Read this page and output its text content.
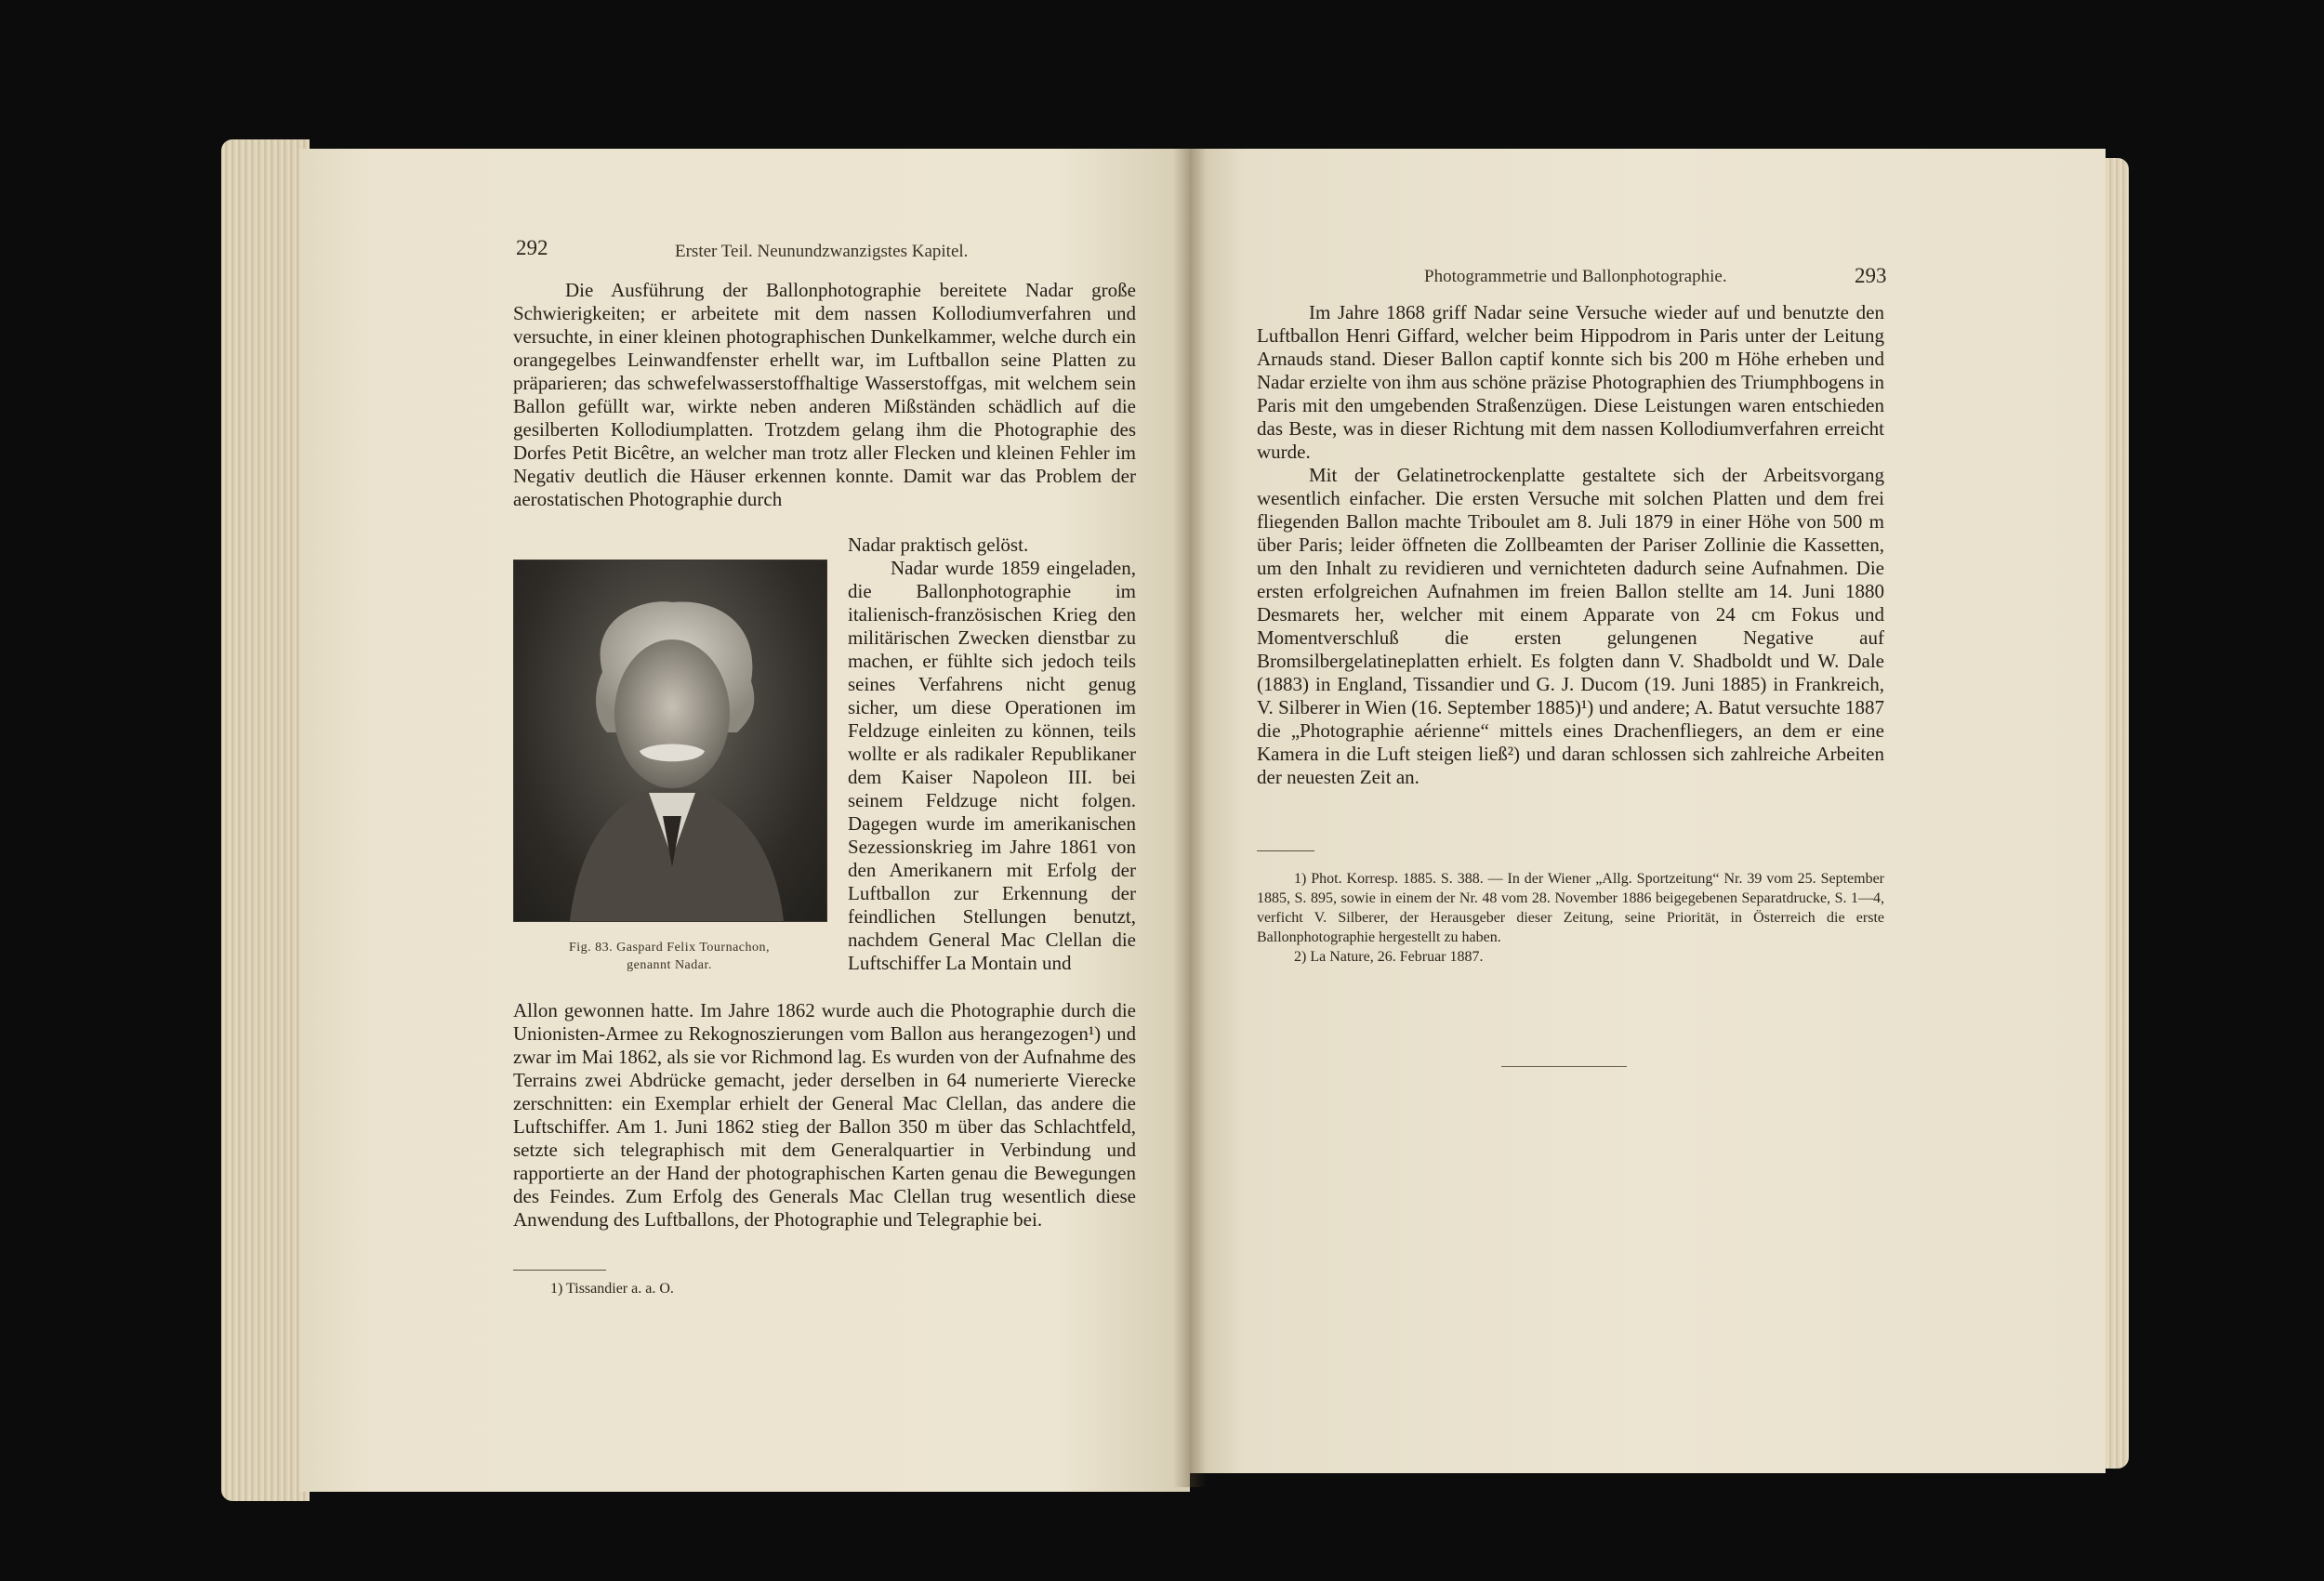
292	Erster Teil. Neunundzwanzigstes Kapitel.

Die Ausführung der Ballonphotographie bereitete Nadar große Schwierigkeiten; er arbeitete mit dem nassen Kollodiumverfahren und versuchte, in einer kleinen photographischen Dunkelkammer, welche durch ein orangegelbes Leinwandfenster erhellt war, im Luftballon seine Platten zu präparieren; das schwefelwasserstoffhaltige Wasserstoffgas, mit welchem sein Ballon gefüllt war, wirkte neben anderen Mißständen schädlich auf die gesilberten Kollodiumplatten. Trotzdem gelang ihm die Photographie des Dorfes Petit Bicêtre, an welcher man trotz aller Flecken und kleinen Fehler im Negativ deutlich die Häuser erkennen konnte. Damit war das Problem der aerostatischen Photographie durch

Fig. 83. Gaspard Felix Tournachon,
genannt Nadar.

Nadar praktisch gelöst.

Nadar wurde 1859 eingeladen, die Ballonphotographie im italienisch-französischen Krieg den militärischen Zwecken dienstbar zu machen, er fühlte sich jedoch teils seines Verfahrens nicht genug sicher, um diese Operationen im Feldzuge einleiten zu können, teils wollte er als radikaler Republikaner dem Kaiser Napoleon III. bei seinem Feldzuge nicht folgen. Dagegen wurde im amerikanischen Sezessionskrieg im Jahre 1861 von den Amerikanern mit Erfolg der Luftballon zur Erkennung der feindlichen Stellungen benutzt, nachdem General Mac Clellan die Luftschiffer La Montain und

Allon gewonnen hatte. Im Jahre 1862 wurde auch die Photographie durch die Unionisten-Armee zu Rekognoszierungen vom Ballon aus herangezogen¹) und zwar im Mai 1862, als sie vor Richmond lag. Es wurden von der Aufnahme des Terrains zwei Abdrücke gemacht, jeder derselben in 64 numerierte Vierecke zerschnitten: ein Exemplar erhielt der General Mac Clellan, das andere die Luftschiffer. Am 1. Juni 1862 stieg der Ballon 350 m über das Schlachtfeld, setzte sich telegraphisch mit dem Generalquartier in Verbindung und rapportierte an der Hand der photographischen Karten genau die Bewegungen des Feindes. Zum Erfolg des Generals Mac Clellan trug wesentlich diese Anwendung des Luftballons, der Photographie und Telegraphie bei.

1) Tissandier a. a. O.

Photogrammetrie und Ballonphotographie.	293

Im Jahre 1868 griff Nadar seine Versuche wieder auf und benutzte den Luftballon Henri Giffard, welcher beim Hippodrom in Paris unter der Leitung Arnauds stand. Dieser Ballon captif konnte sich bis 200 m Höhe erheben und Nadar erzielte von ihm aus schöne präzise Photographien des Triumphbogens in Paris mit den umgebenden Straßenzügen. Diese Leistungen waren entschieden das Beste, was in dieser Richtung mit dem nassen Kollodiumverfahren erreicht wurde.

Mit der Gelatinetrockenplatte gestaltete sich der Arbeitsvorgang wesentlich einfacher. Die ersten Versuche mit solchen Platten und dem frei fliegenden Ballon machte Triboulet am 8. Juli 1879 in einer Höhe von 500 m über Paris; leider öffneten die Zollbeamten der Pariser Zollinie die Kassetten, um den Inhalt zu revidieren und vernichteten dadurch seine Aufnahmen. Die ersten erfolgreichen Aufnahmen im freien Ballon stellte am 14. Juni 1880 Desmarets her, welcher mit einem Apparate von 24 cm Fokus und Momentverschluß die ersten gelungenen Negative auf Bromsilbergelatineplatten erhielt. Es folgten dann V. Shadboldt und W. Dale (1883) in England, Tissandier und G. J. Ducom (19. Juni 1885) in Frankreich, V. Silberer in Wien (16. September 1885)¹) und andere; A. Batut versuchte 1887 die „Photographie aérienne“ mittels eines Drachenfliegers, an dem er eine Kamera in die Luft steigen ließ²) und daran schlossen sich zahlreiche Arbeiten der neuesten Zeit an.

1) Phot. Korresp. 1885. S. 388. — In der Wiener „Allg. Sportzeitung“ Nr. 39 vom 25. September 1885, S. 895, sowie in einem der Nr. 48 vom 28. November 1886 beigegebenen Separatdrucke, S. 1—4, verficht V. Silberer, der Herausgeber dieser Zeitung, seine Priorität, in Österreich die erste Ballonphotographie hergestellt zu haben.

2) La Nature, 26. Februar 1887.
